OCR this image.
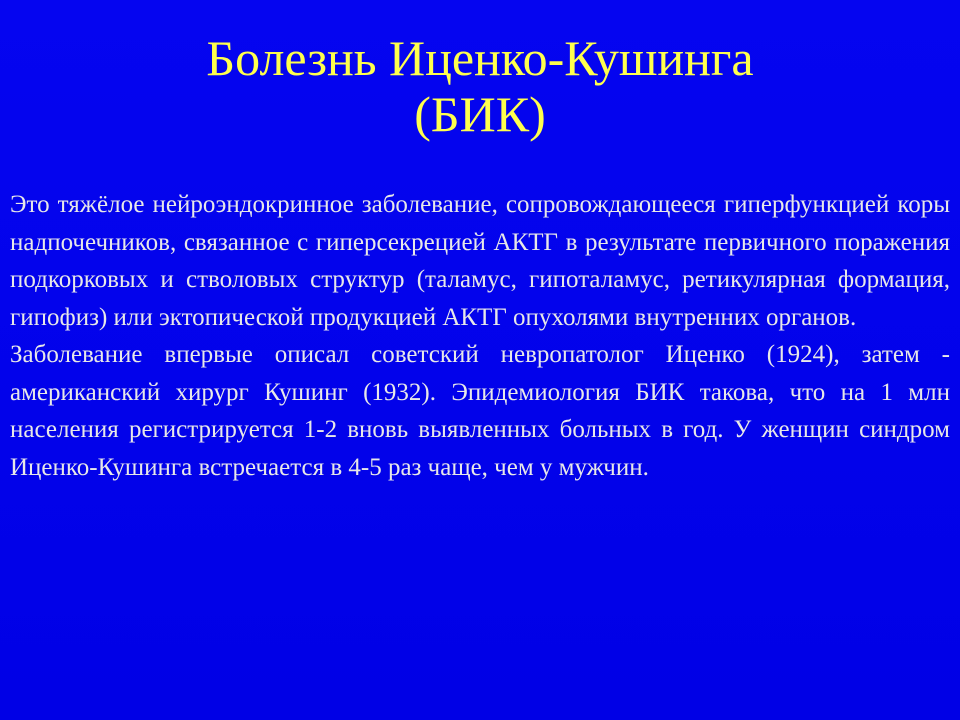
Болезнь Иценко-Кушинга
(БИК)

Это тяжёлое нейроэндокринное заболевание, сопровождающееся гиперфункцией коры надпочечников, связанное с гиперсекрецией АКТГ в результате первичного поражения подкорковых и стволовых структур (таламус, гипоталамус, ретикулярная формация, гипофиз) или эктопической продукцией АКТГ опухолями внутренних органов.

Заболевание впервые описал советский невропатолог Иценко (1924), затем - американский хирург Кушинг (1932). Эпидемиология БИК такова, что на 1 млн населения регистрируется 1-2 вновь выявленных больных в год. У женщин синдром Иценко-Кушинга встречается в 4-5 раз чаще, чем у мужчин.
